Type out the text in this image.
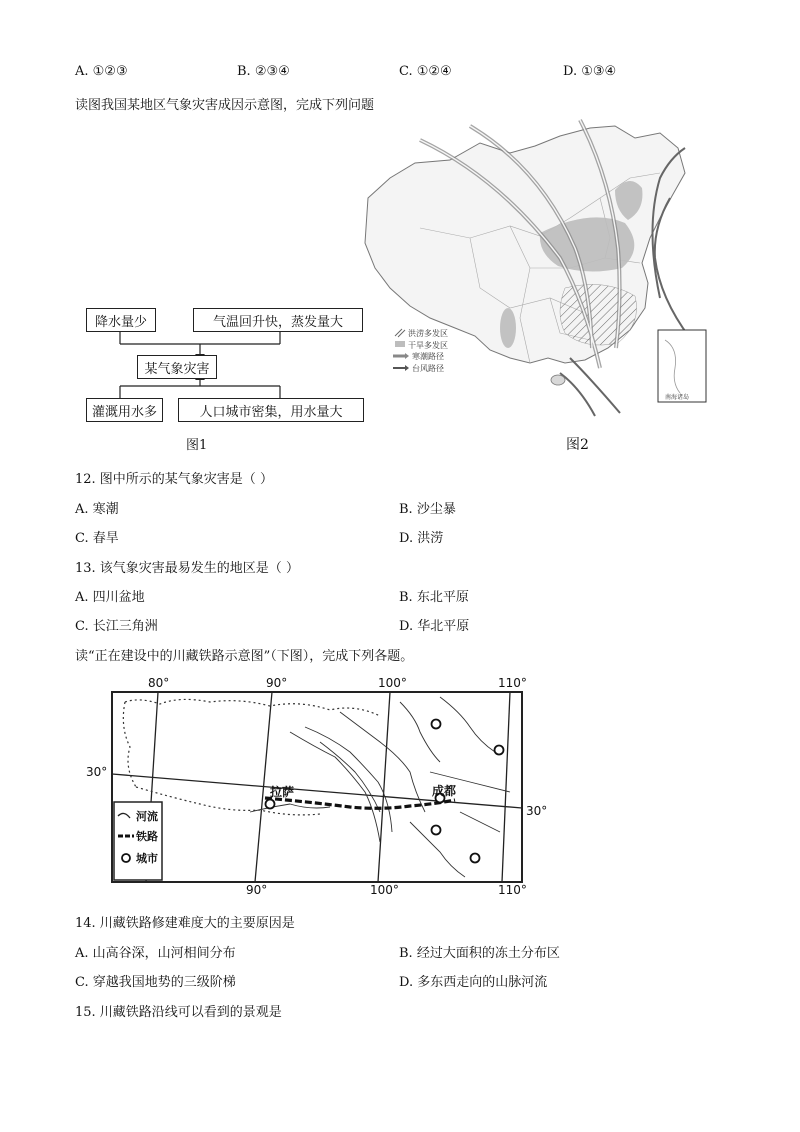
A. ①②③	B. ②③④	C. ①②④	D. ①③④
读图我国某地区气象灾害成因示意图，完成下列问题
降水量少	气温回升快，蒸发量大
某气象灾害
灌溉用水多	人口城市密集，用水量大
图1
洪涝多发区
干旱多发区
寒潮路径
台风路径
南海诸岛
图2
12. 图中所示的某气象灾害是（ ）
A. 寒潮	B. 沙尘暴
C. 春旱	D. 洪涝
13. 该气象灾害最易发生的地区是（ ）
A. 四川盆地	B. 东北平原
C. 长江三角洲	D. 华北平原
读“正在建设中的川藏铁路示意图”（下图），完成下列各题。
拉萨	成都
80°	90°	100°	110°
90°	100°	110°
30°
30°
河流
铁路
城市
14. 川藏铁路修建难度大的主要原因是
A. 山高谷深，山河相间分布	B. 经过大面积的冻土分布区
C. 穿越我国地势的三级阶梯	D. 多东西走向的山脉河流
15. 川藏铁路沿线可以看到的景观是
